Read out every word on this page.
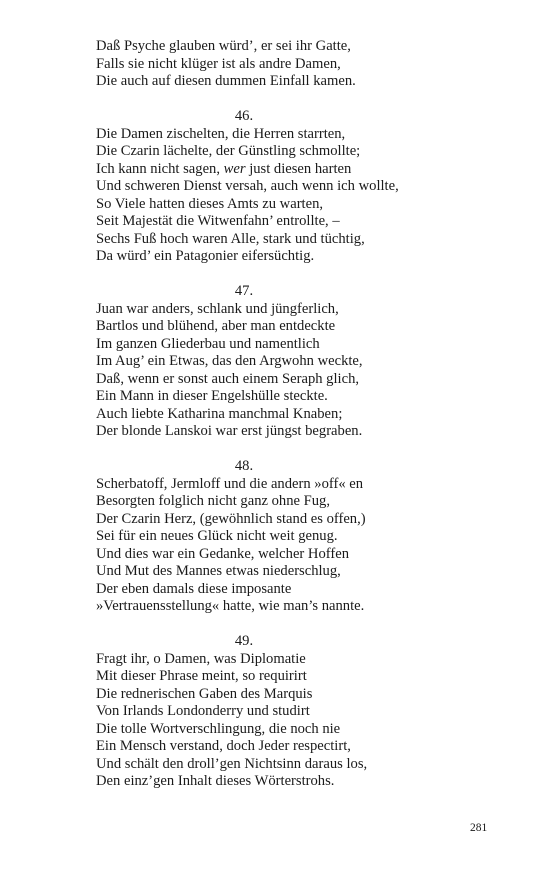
Daß Psyche glauben würd’, er sei ihr Gatte,
Falls sie nicht klüger ist als andre Damen,
Die auch auf diesen dummen Einfall kamen.
46.
Die Damen zischelten, die Herren starrten,
Die Czarin lächelte, der Günstling schmollte;
Ich kann nicht sagen, wer just diesen harten
Und schweren Dienst versah, auch wenn ich wollte,
So Viele hatten dieses Amts zu warten,
Seit Majestät die Witwenfahn’ entrollte, –
Sechs Fuß hoch waren Alle, stark und tüchtig,
Da würd’ ein Patagonier eifersüchtig.
47.
Juan war anders, schlank und jüngferlich,
Bartlos und blühend, aber man entdeckte
Im ganzen Gliederbau und namentlich
Im Aug’ ein Etwas, das den Argwohn weckte,
Daß, wenn er sonst auch einem Seraph glich,
Ein Mann in dieser Engelshülle steckte.
Auch liebte Katharina manchmal Knaben;
Der blonde Lanskoi war erst jüngst begraben.
48.
Scherbatoff, Jermloff und die andern »off« en
Besorgten folglich nicht ganz ohne Fug,
Der Czarin Herz, (gewöhnlich stand es offen,)
Sei für ein neues Glück nicht weit genug.
Und dies war ein Gedanke, welcher Hoffen
Und Mut des Mannes etwas niederschlug,
Der eben damals diese imposante
»Vertrauensstellung« hatte, wie man’s nannte.
49.
Fragt ihr, o Damen, was Diplomatie
Mit dieser Phrase meint, so requirirt
Die rednerischen Gaben des Marquis
Von Irlands Londonderry und studirt
Die tolle Wortverschlingung, die noch nie
Ein Mensch verstand, doch Jeder respectirt,
Und schält den droll’gen Nichtsinn daraus los,
Den einz’gen Inhalt dieses Wörterstrohs.
281
